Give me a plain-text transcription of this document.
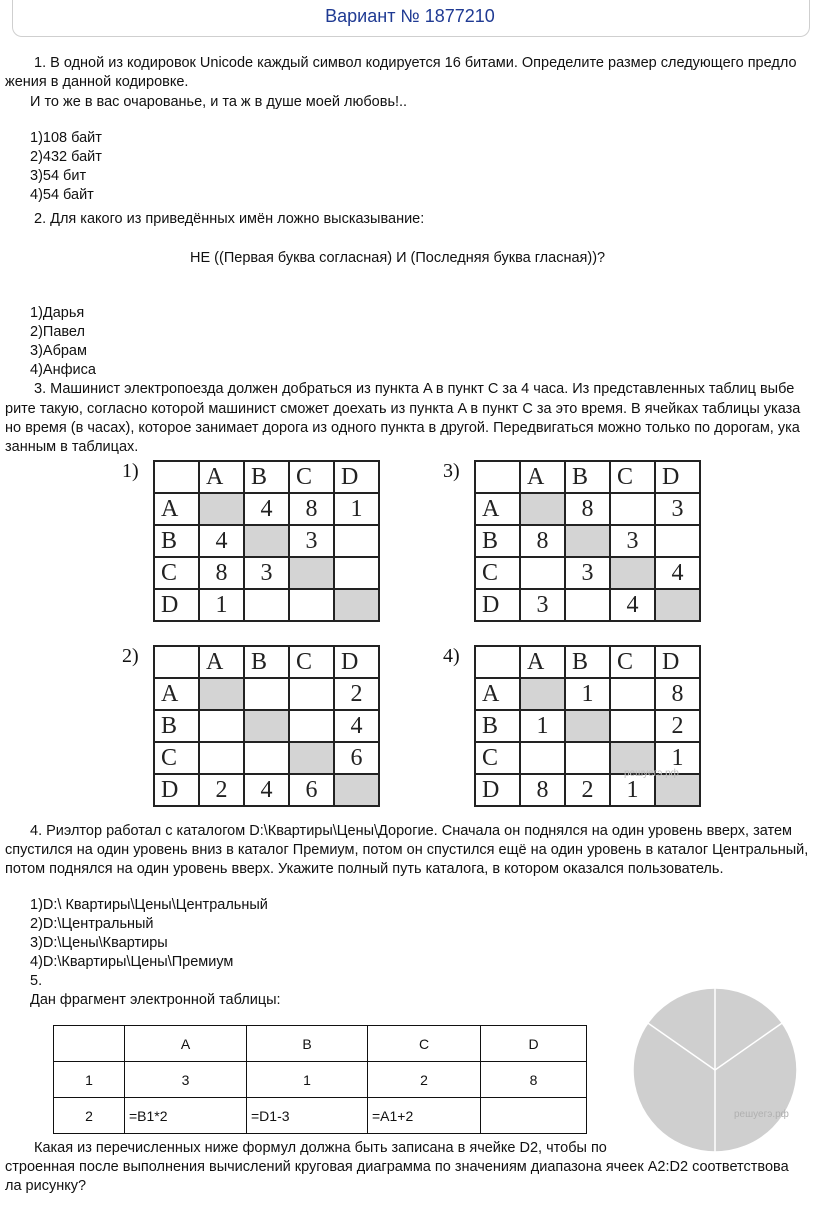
Вариант № 1877210
1. В одной из кодировок Unicode каждый символ кодируется 16 битами. Определите размер следующего предло
жения в данной кодировке.
И то же в вас очарованье, и та ж в душе моей любовь!..
1)108 байт
2)432 байт
3)54 бит
4)54 байт
2. Для какого из приведённых имён ложно высказывание:
НЕ ((Первая буква согласная) И (Последняя буква гласная))?
1)Дарья
2)Павел
3)Абрам
4)Анфиса
3. Машинист электропоезда должен добраться из пункта A в пункт C за 4 часа. Из представленных таблиц выбе
рите такую, согласно которой машинист сможет доехать из пункта A в пункт C за это время. В ячейках таблицы указа
но время (в часах), которое занимает дорога из одного пункта в другой. Передвигаться можно только по дорогам, ука
занным в таблицах.
1)
		A	B	C	D
A		4	8	1
B	4		3	
C	8	3		
D	1			
2)
		A	B	C	D
A				2
B				4
C				6
D	2	4	6	
3)
		A	B	C	D
A		8		3
B	8		3	
C		3		4
D	3		4	
4)
		A	B	C	D
A		1		8
B	1			2
C				1
D	8	2	1	
решуегэ.рф
4. Риэлтор работал с каталогом D:\Квартиры\Цены\Дорогие. Сначала он поднялся на один уровень вверх, затем
спустился на один уровень вниз в каталог Премиум, потом он спустился ещё на один уровень в каталог Центральный,
потом поднялся на один уровень вверх. Укажите полный путь каталога, в котором оказался пользователь.
1)D:\ Квартиры\Цены\Центральный
2)D:\Центральный
3)D:\Цены\Квартиры
4)D:\Квартиры\Цены\Премиум
5.
Дан фрагмент электронной таблицы:
	A	B	C	D
1	3	1	2	8
2	=B1*2	=D1-3	=A1+2		решуегэ.рф
Какая из перечисленных ниже формул должна быть записана в ячейке D2, чтобы по
строенная после выполнения вычислений круговая диаграмма по значениям диапазона ячеек A2:D2 соответствова
ла рисунку?
